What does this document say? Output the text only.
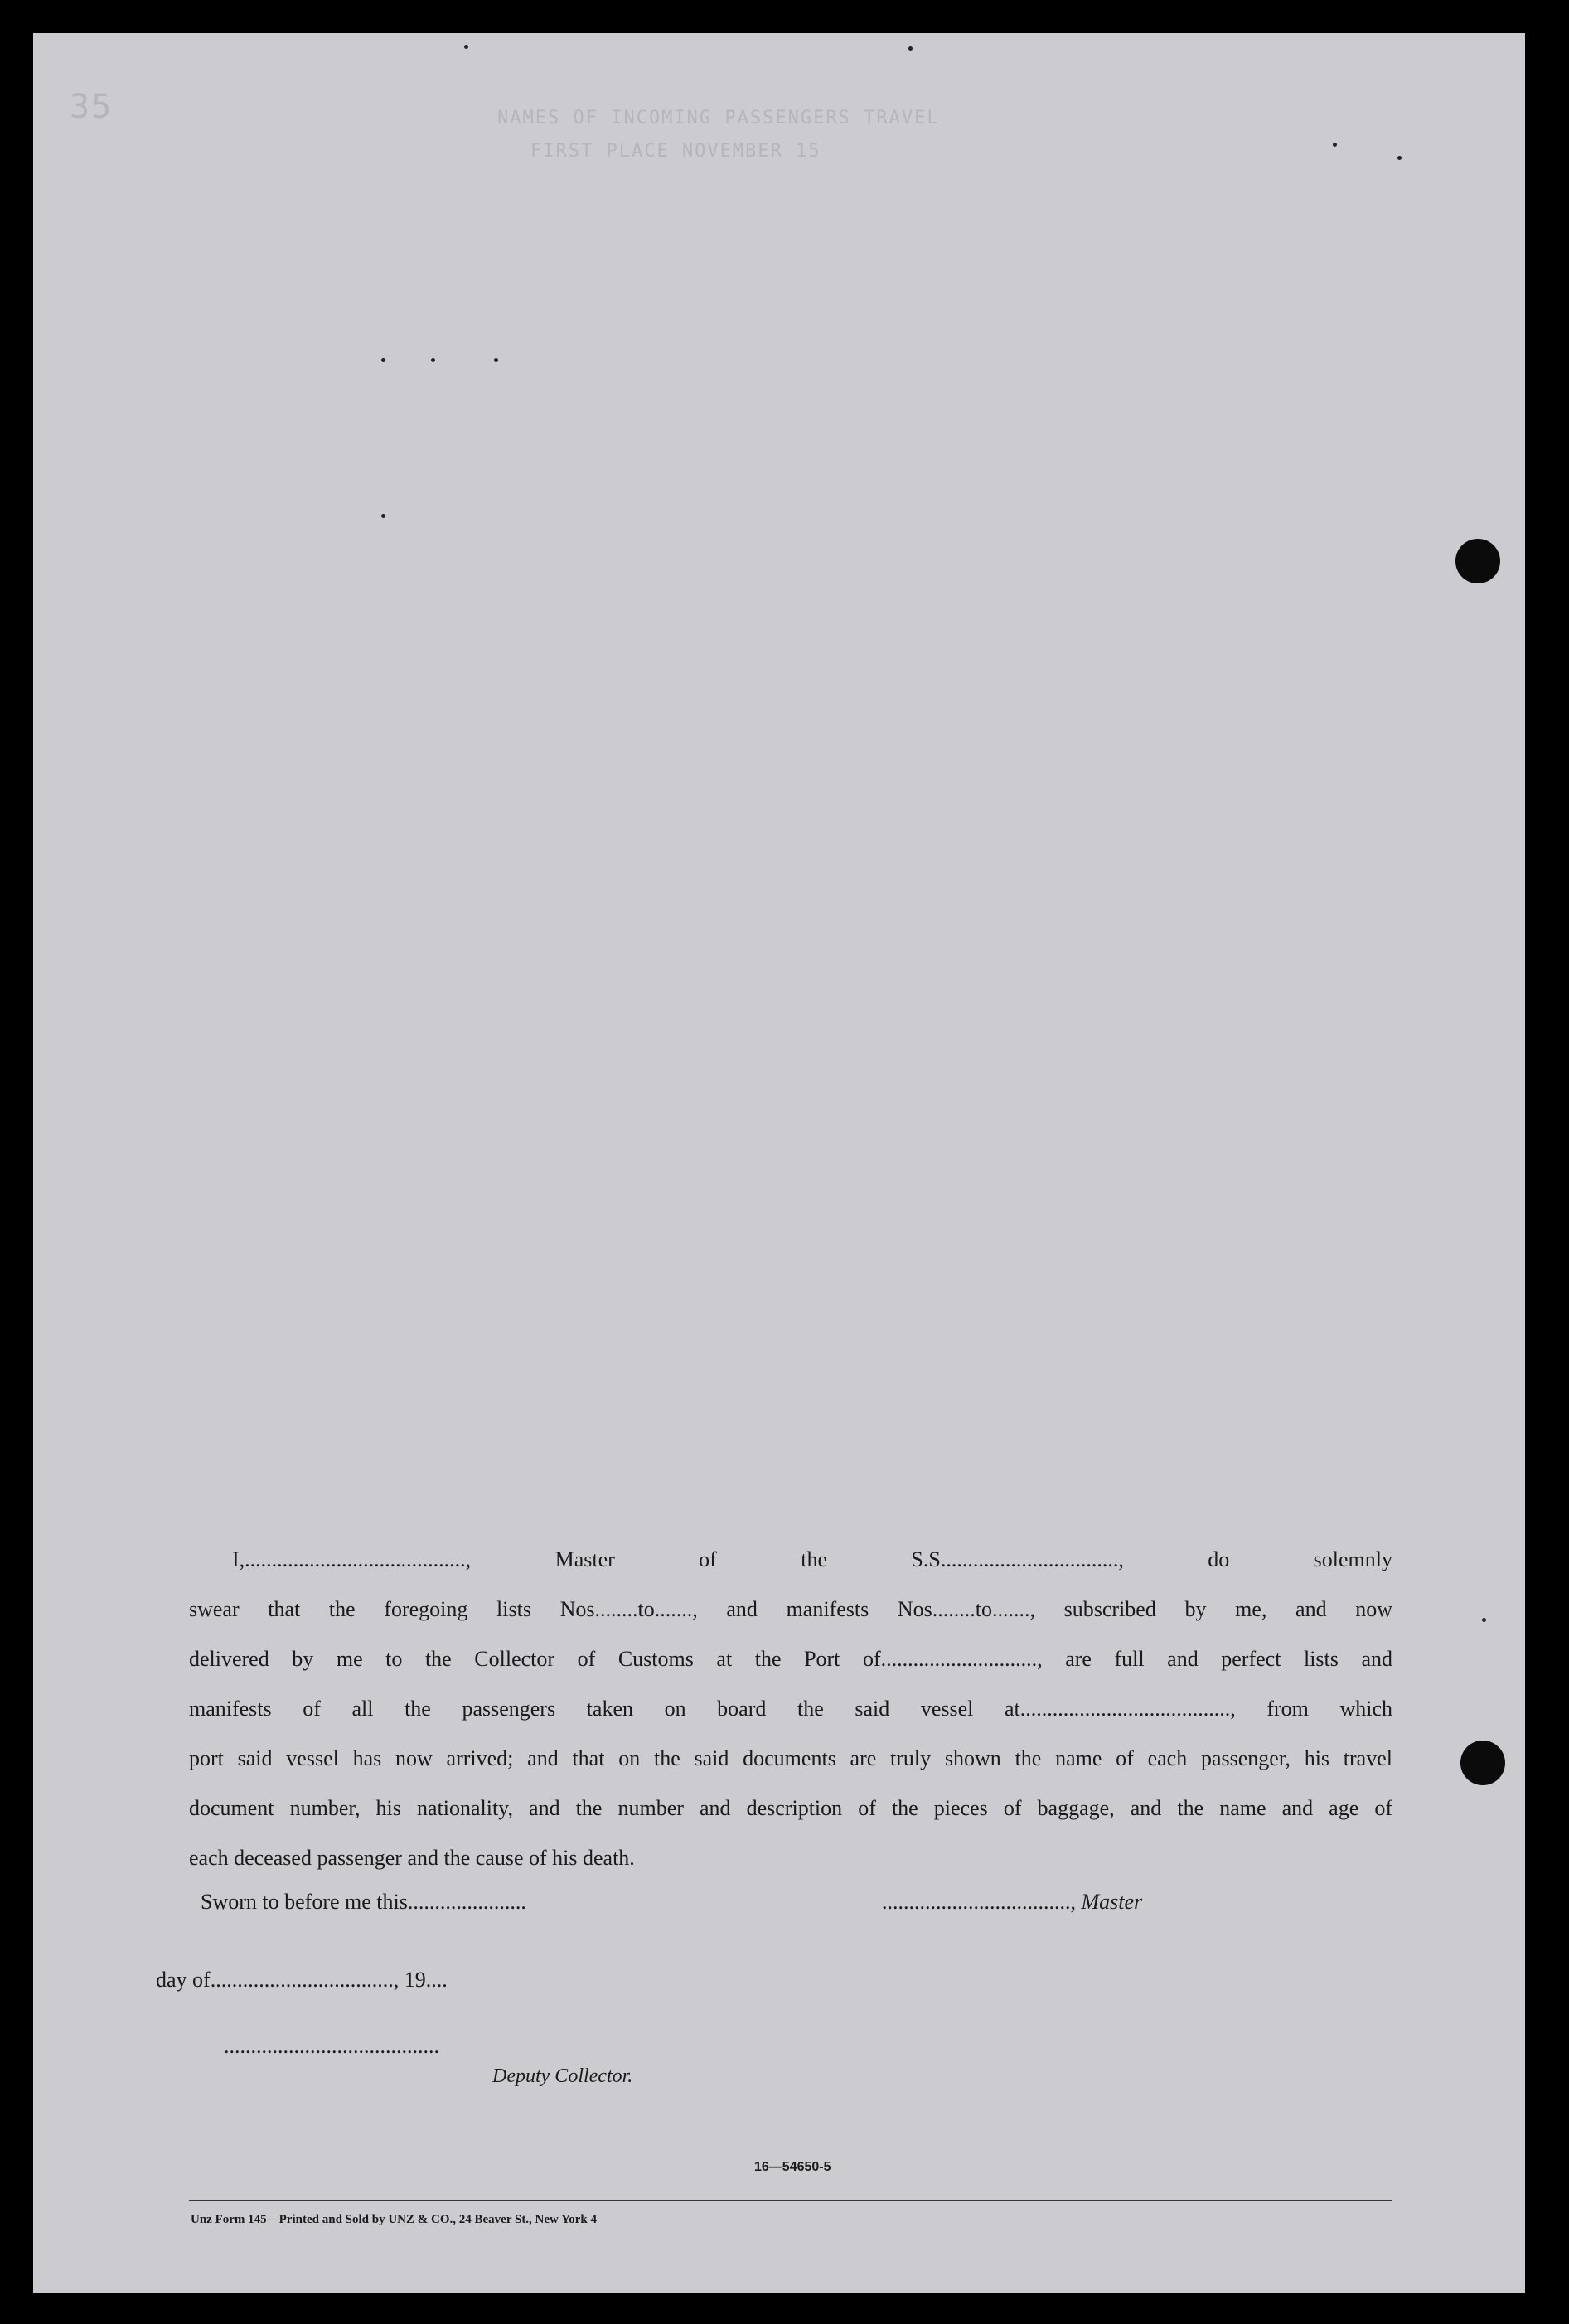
35	NAMES OF INCOMING PASSENGERS TRAVEL
FIRST PLACE NOVEMBER 15

I,........................................., Master of the S.S................................., do solemnly

swear that the foregoing lists Nos........to......., and manifests Nos........to......., subscribed by me, and now

delivered by me to the Collector of Customs at the Port of............................., are full and perfect lists and

manifests of all the passengers taken on board the said vessel at......................................., from which

port said vessel has now arrived; and that on the said documents are truly shown the name of each passenger, his travel

document number, his nationality, and the number and description of the pieces of baggage, and the name and age of

each deceased passenger and the cause of his death.

Sworn to before me this......................	..................................., Master
day of.................................., 19....
........................................
Deputy Collector.
16—54650-5
Unz Form 145—Printed and Sold by UNZ & CO., 24 Beaver St., New York 4
